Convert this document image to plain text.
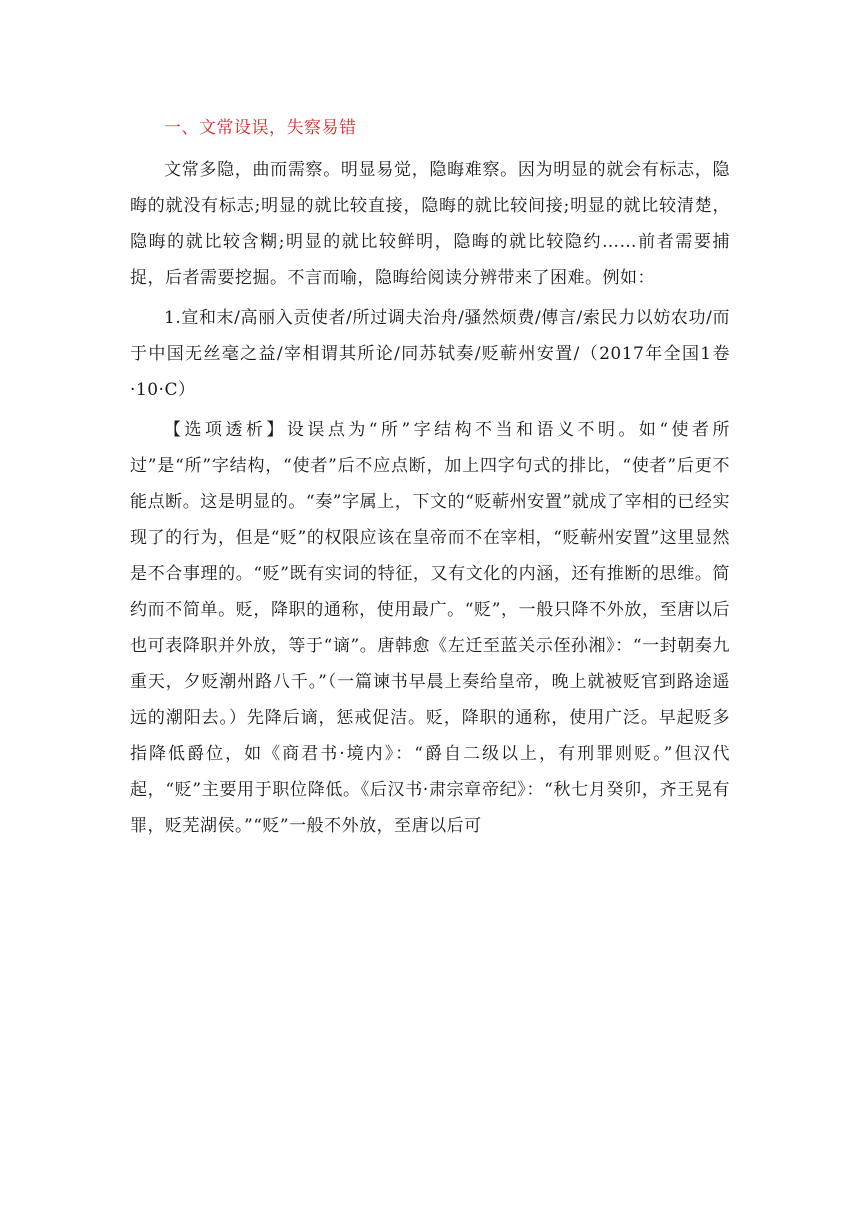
一、文常设误，失察易错

文常多隐，曲而需察。明显易觉，隐晦难察。因为明显的就会有标志，隐晦的就没有标志;明显的就比较直接，隐晦的就比较间接;明显的就比较清楚，隐晦的就比较含糊;明显的就比较鲜明，隐晦的就比较隐约……前者需要捕捉，后者需要挖掘。不言而喻，隐晦给阅读分辨带来了困难。例如：

1.宣和末/高丽入贡使者/所过调夫治舟/骚然烦费/傳言/索民力以妨农功/而于中国无丝毫之益/宰相谓其所论/同苏轼奏/贬蕲州安置/（2017年全国1卷·10·C）

【选项透析】设误点为“所”字结构不当和语义不明。如“使者所过”是“所”字结构，“使者”后不应点断，加上四字句式的排比，“使者”后更不能点断。这是明显的。“奏”字属上，下文的“贬蕲州安置”就成了宰相的已经实现了的行为，但是“贬”的权限应该在皇帝而不在宰相，“贬蕲州安置”这里显然是不合事理的。“贬”既有实词的特征，又有文化的内涵，还有推断的思维。简约而不简单。贬，降职的通称，使用最广。“贬”，一般只降不外放，至唐以后也可表降职并外放，等于“谪”。唐韩愈《左迁至蓝关示侄孙湘》：“一封朝奏九重天，夕贬潮州路八千。”（一篇谏书早晨上奏给皇帝，晚上就被贬官到路途遥远的潮阳去。）先降后谪，惩戒促洁。贬，降职的通称，使用广泛。早起贬多指降低爵位，如《商君书·境内》：“爵自二级以上，有刑罪则贬。”但汉代起，“贬”主要用于职位降低。《后汉书·肃宗章帝纪》：“秋七月癸卯，齐王晃有罪，贬芜湖侯。”“贬”一般不外放，至唐以后可
